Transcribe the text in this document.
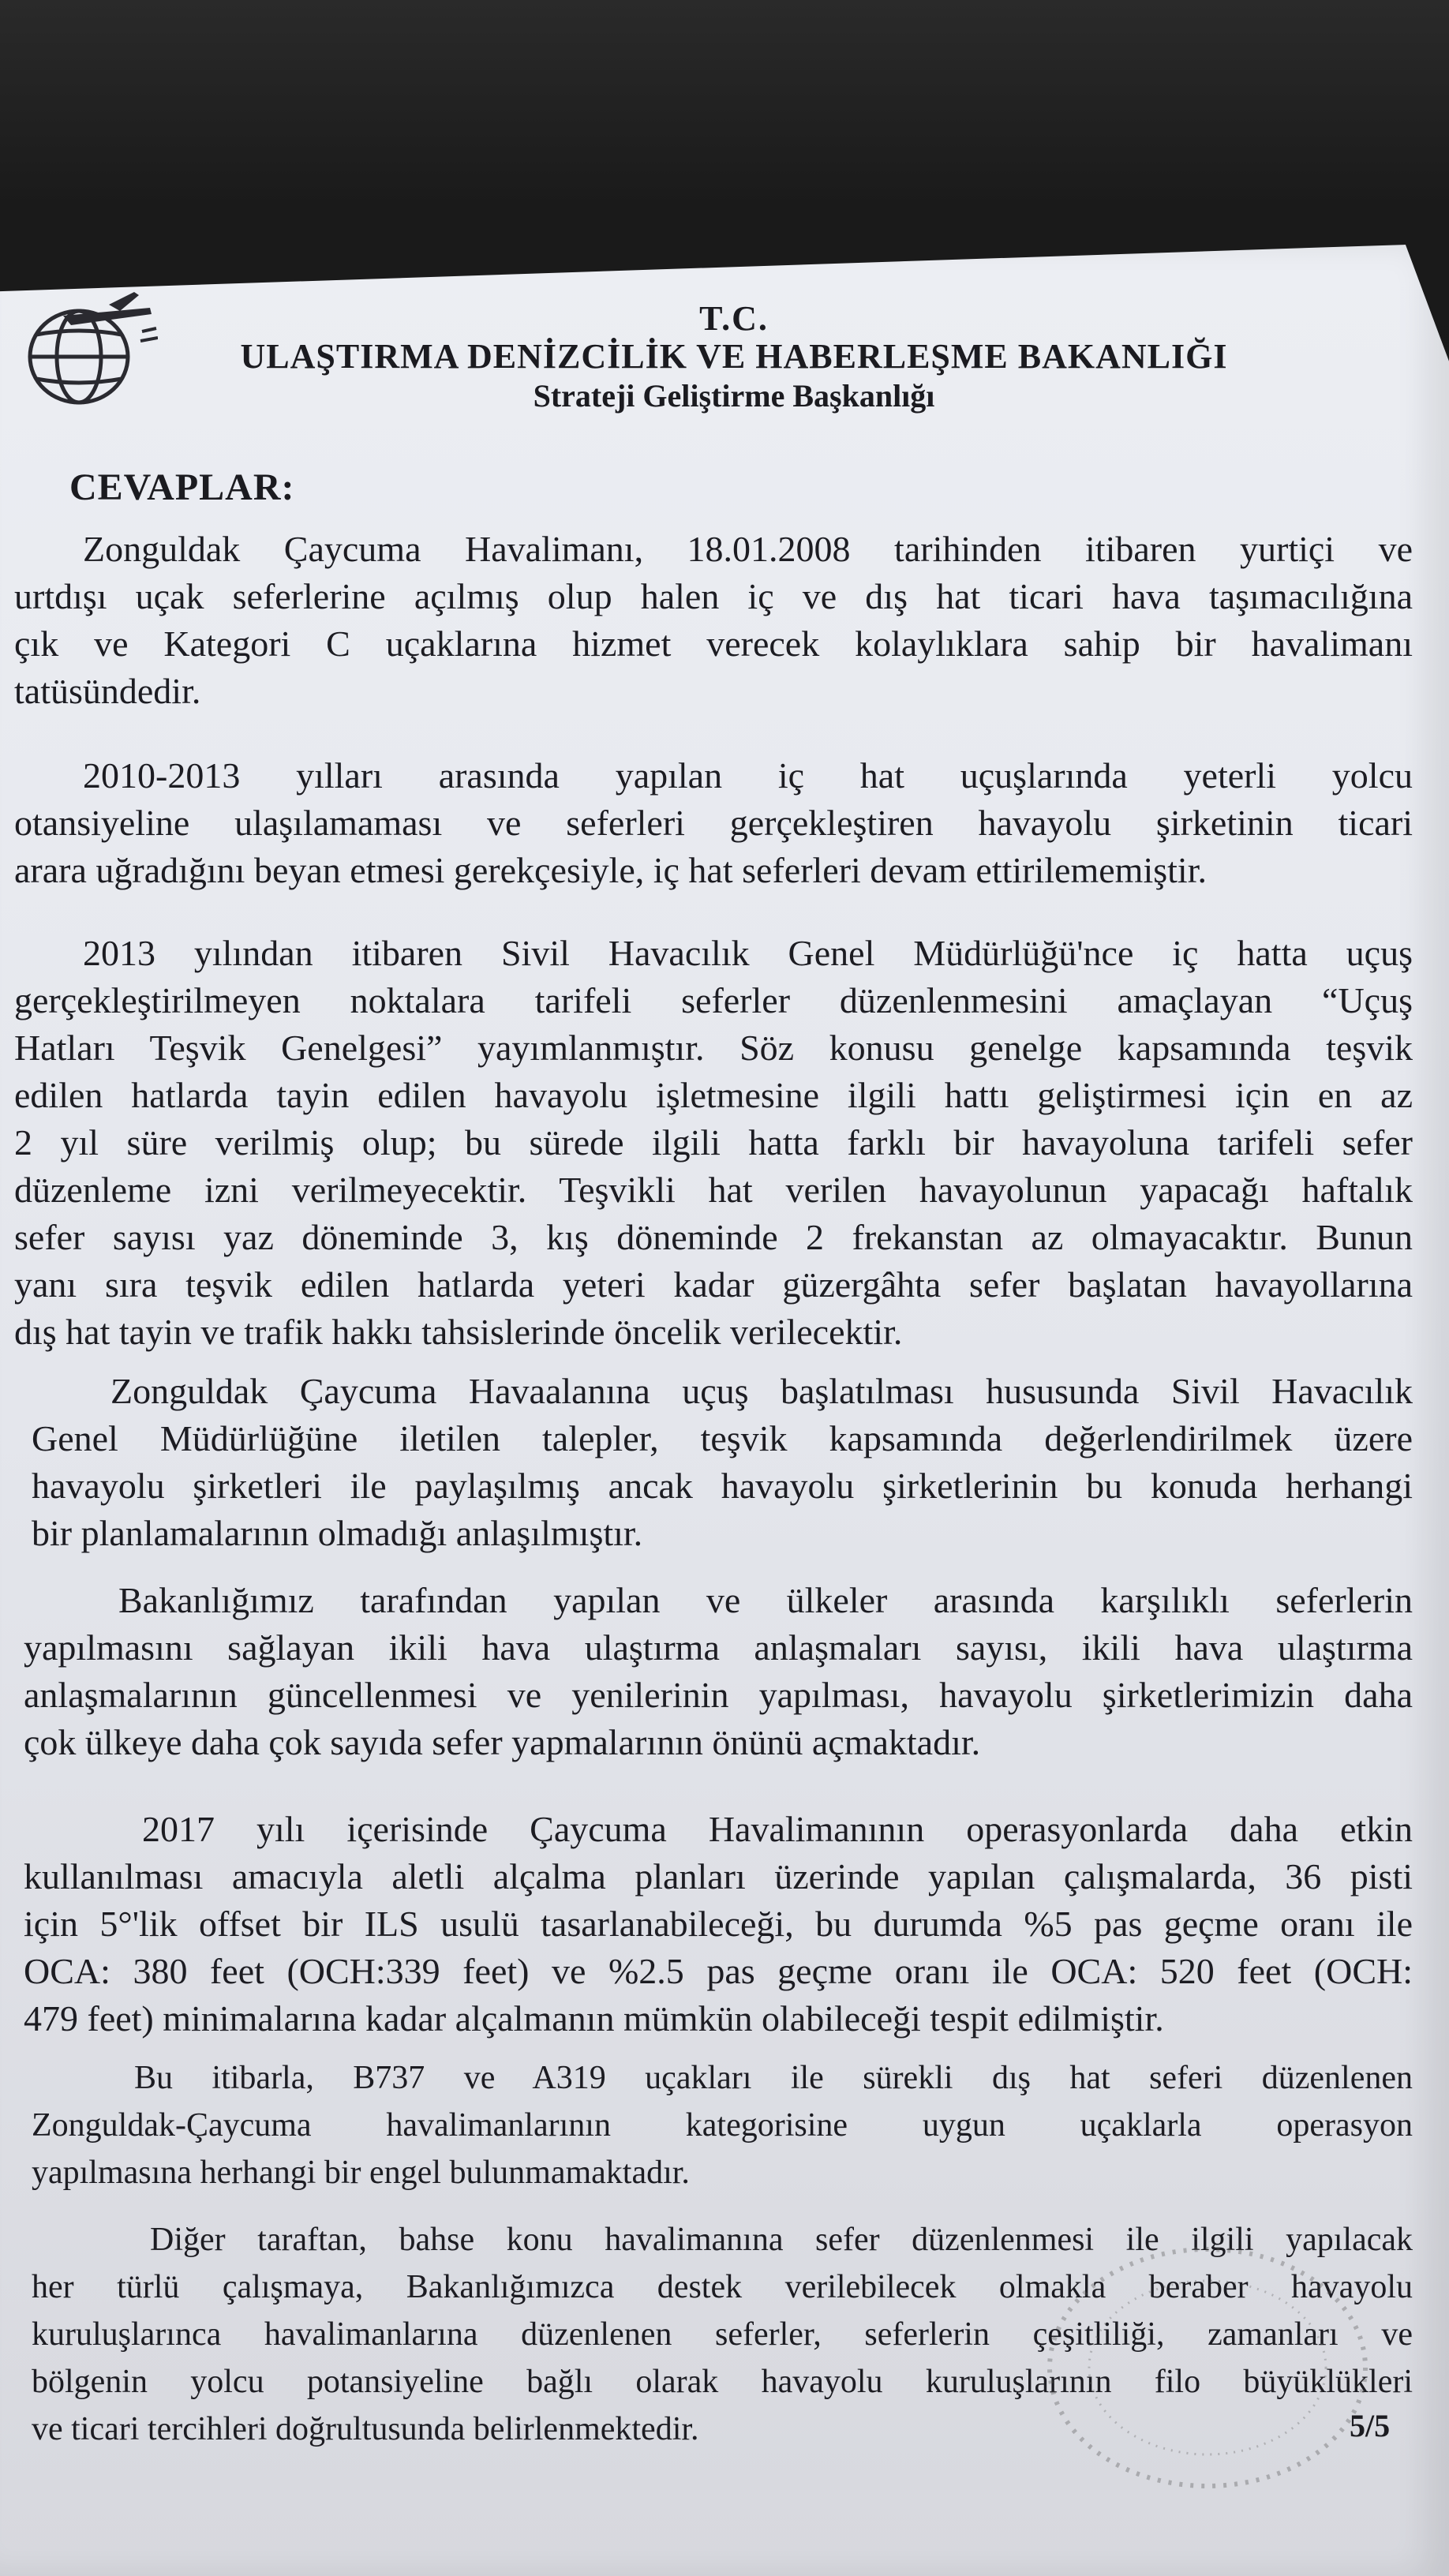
T.C.
ULAŞTIRMA DENİZCİLİK VE HABERLEŞME BAKANLIĞI
Strateji Geliştirme Başkanlığı
CEVAPLAR:
Zonguldak Çaycuma Havalimanı, 18.01.2008 tarihinden itibaren yurtiçi ve
urtdışı uçak seferlerine açılmış olup halen iç ve dış hat ticari hava taşımacılığına
çık ve Kategori C uçaklarına hizmet verecek kolaylıklara sahip bir havalimanı
tatüsündedir.
2010-2013 yılları arasında yapılan iç hat uçuşlarında yeterli yolcu
otansiyeline ulaşılamaması ve seferleri gerçekleştiren havayolu şirketinin ticari
arara uğradığını beyan etmesi gerekçesiyle, iç hat seferleri devam ettirilememiştir.
2013 yılından itibaren Sivil Havacılık Genel Müdürlüğü'nce iç hatta uçuş
gerçekleştirilmeyen noktalara tarifeli seferler düzenlenmesini amaçlayan “Uçuş
Hatları Teşvik Genelgesi” yayımlanmıştır. Söz konusu genelge kapsamında teşvik
edilen hatlarda tayin edilen havayolu işletmesine ilgili hattı geliştirmesi için en az
2 yıl süre verilmiş olup; bu sürede ilgili hatta farklı bir havayoluna tarifeli sefer
düzenleme izni verilmeyecektir. Teşvikli hat verilen havayolunun yapacağı haftalık
sefer sayısı yaz döneminde 3, kış döneminde 2 frekanstan az olmayacaktır. Bunun
yanı sıra teşvik edilen hatlarda yeteri kadar güzergâhta sefer başlatan havayollarına
dış hat tayin ve trafik hakkı tahsislerinde öncelik verilecektir.
Zonguldak Çaycuma Havaalanına uçuş başlatılması hususunda Sivil Havacılık
Genel Müdürlüğüne iletilen talepler, teşvik kapsamında değerlendirilmek üzere
havayolu şirketleri ile paylaşılmış ancak havayolu şirketlerinin bu konuda herhangi
bir planlamalarının olmadığı anlaşılmıştır.
Bakanlığımız tarafından yapılan ve ülkeler arasında karşılıklı seferlerin
yapılmasını sağlayan ikili hava ulaştırma anlaşmaları sayısı, ikili hava ulaştırma
anlaşmalarının güncellenmesi ve yenilerinin yapılması, havayolu şirketlerimizin daha
çok ülkeye daha çok sayıda sefer yapmalarının önünü açmaktadır.
2017 yılı içerisinde Çaycuma Havalimanının operasyonlarda daha etkin
kullanılması amacıyla aletli alçalma planları üzerinde yapılan çalışmalarda, 36 pisti
için 5°'lik offset bir ILS usulü tasarlanabileceği, bu durumda %5 pas geçme oranı ile
OCA: 380 feet (OCH:339 feet) ve %2.5 pas geçme oranı ile OCA: 520 feet (OCH:
479 feet) minimalarına kadar alçalmanın mümkün olabileceği tespit edilmiştir.
Bu itibarla, B737 ve A319 uçakları ile sürekli dış hat seferi düzenlenen
Zonguldak-Çaycuma havalimanlarının kategorisine uygun uçaklarla operasyon
yapılmasına herhangi bir engel bulunmamaktadır.
Diğer taraftan, bahse konu havalimanına sefer düzenlenmesi ile ilgili yapılacak
her türlü çalışmaya, Bakanlığımızca destek verilebilecek olmakla beraber havayolu
kuruluşlarınca havalimanlarına düzenlenen seferler, seferlerin çeşitliliği, zamanları ve
bölgenin yolcu potansiyeline bağlı olarak havayolu kuruluşlarının filo büyüklükleri
ve ticari tercihleri doğrultusunda belirlenmektedir.	5/5
